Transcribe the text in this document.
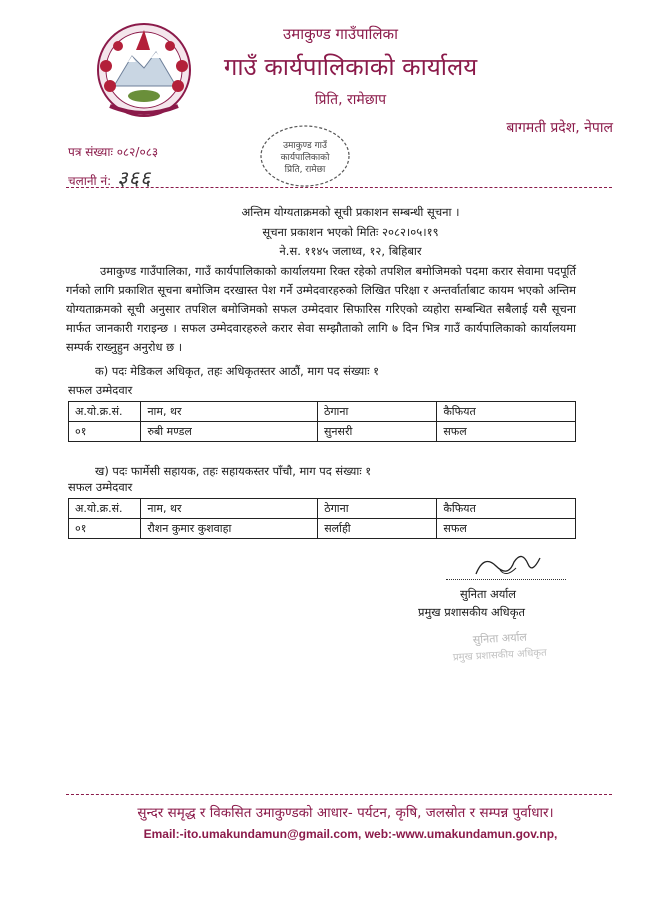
उमाकुण्ड गाउँपालिका
गाउँ कार्यपालिकाको कार्यालय
प्रिति, रामेछाप
बागमती प्रदेश, नेपाल
पत्र संख्याः ०८२/०८३
चलानी नं: ३६६
उमाकुण्ड गाउँ
कार्यपालिकाको
प्रिति, रामेछा
अन्तिम योग्यताक्रमको सूची प्रकाशन सम्बन्धी सूचना ।
सूचना प्रकाशन भएको मितिः २०८२।०५।१९
ने.स. ११४५ जलाध्व, १२, बिहिबार
उमाकुण्ड गाउँपालिका, गाउँ कार्यपालिकाको कार्यालयमा रिक्त रहेको तपशिल बमोजिमको पदमा करार सेवामा पदपूर्ति गर्नको लागि प्रकाशित सूचना बमोजिम दरखास्त पेश गर्ने उम्मेदवारहरुको लिखित परिक्षा र अन्तर्वार्ताबाट कायम भएको अन्तिम योग्यताक्रमको सूची अनुसार तपशिल बमोजिमको सफल उम्मेदवार सिफारिस गरिएको व्यहोरा सम्बन्धित सबैलाई यसै सूचना मार्फत जानकारी गराइन्छ । सफल उम्मेदवारहरुले करार सेवा सम्झौताको लागि ७ दिन भित्र गाउँ कार्यपालिकाको कार्यालयमा सम्पर्क राख्नुहुन अनुरोध छ ।
क) पदः मेडिकल अधिकृत, तहः अधिकृतस्तर आठौं, माग पद संख्याः १
सफल उम्मेदवार
अ.यो.क्र.सं.	नाम, थर	ठेगाना	कैफियत
०१	रुबी मण्डल	सुनसरी	सफल
ख) पदः फार्मेसी सहायक, तहः सहायकस्तर पाँचौ, माग पद संख्याः १
सफल उम्मेदवार
अ.यो.क्र.सं.	नाम, थर	ठेगाना	कैफियत
०१	रौशन कुमार कुशवाहा	सर्लाही	सफल
सुनिता अर्याल
प्रमुख प्रशासकीय अधिकृत
सुनिता अर्याल
प्रमुख प्रशासकीय अधिकृत
सुन्दर समृद्ध र विकसित उमाकुण्डको आधार- पर्यटन, कृषि, जलस्रोत र सम्पन्न पुर्वाधार।
Email:-ito.umakundamun@gmail.com, web:-www.umakundamun.gov.np,
